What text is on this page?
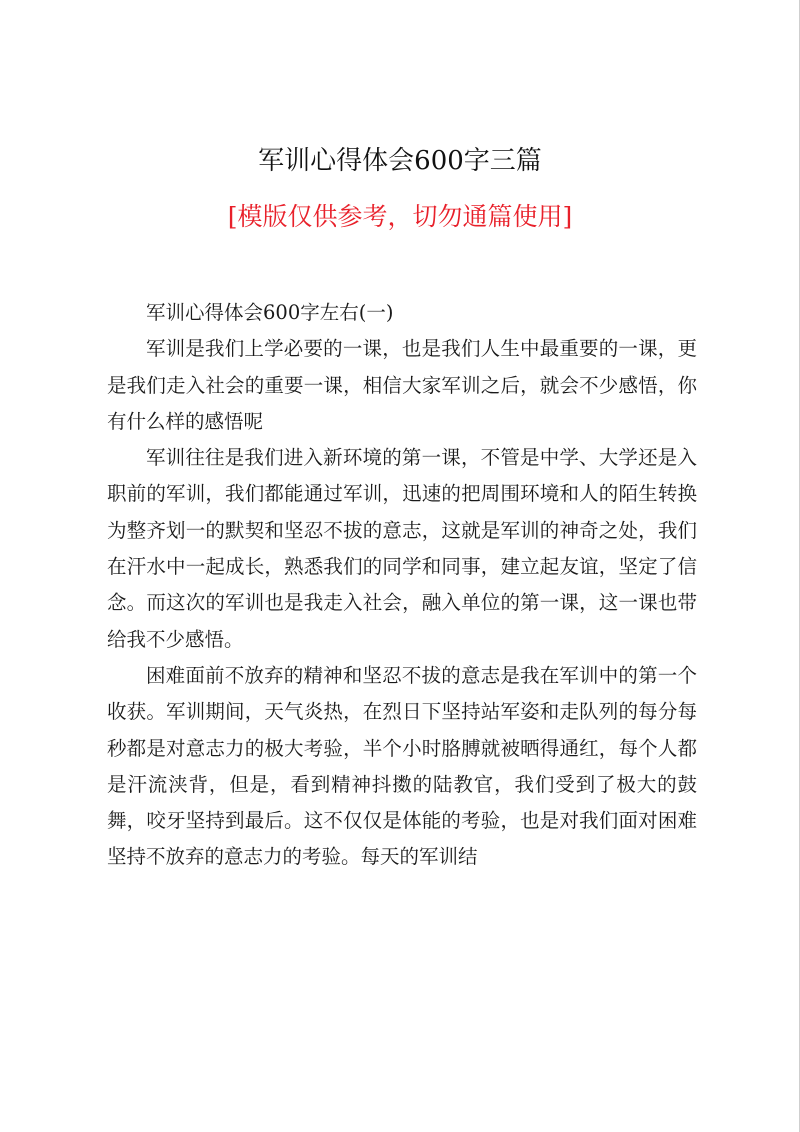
军训心得体会600字三篇
[模版仅供参考，切勿通篇使用]

军训心得体会600字左右(一)

军训是我们上学必要的一课，也是我们人生中最重要的一课，更是我们走入社会的重要一课，相信大家军训之后，就会不少感悟，你有什么样的感悟呢

军训往往是我们进入新环境的第一课，不管是中学、大学还是入职前的军训，我们都能通过军训，迅速的把周围环境和人的陌生转换为整齐划一的默契和坚忍不拔的意志，这就是军训的神奇之处，我们在汗水中一起成长，熟悉我们的同学和同事，建立起友谊，坚定了信念。而这次的军训也是我走入社会，融入单位的第一课，这一课也带给我不少感悟。

困难面前不放弃的精神和坚忍不拔的意志是我在军训中的第一个收获。军训期间，天气炎热，在烈日下坚持站军姿和走队列的每分每秒都是对意志力的极大考验，半个小时胳膊就被晒得通红，每个人都是汗流浃背，但是，看到精神抖擞的陆教官，我们受到了极大的鼓舞，咬牙坚持到最后。这不仅仅是体能的考验，也是对我们面对困难坚持不放弃的意志力的考验。每天的军训结
